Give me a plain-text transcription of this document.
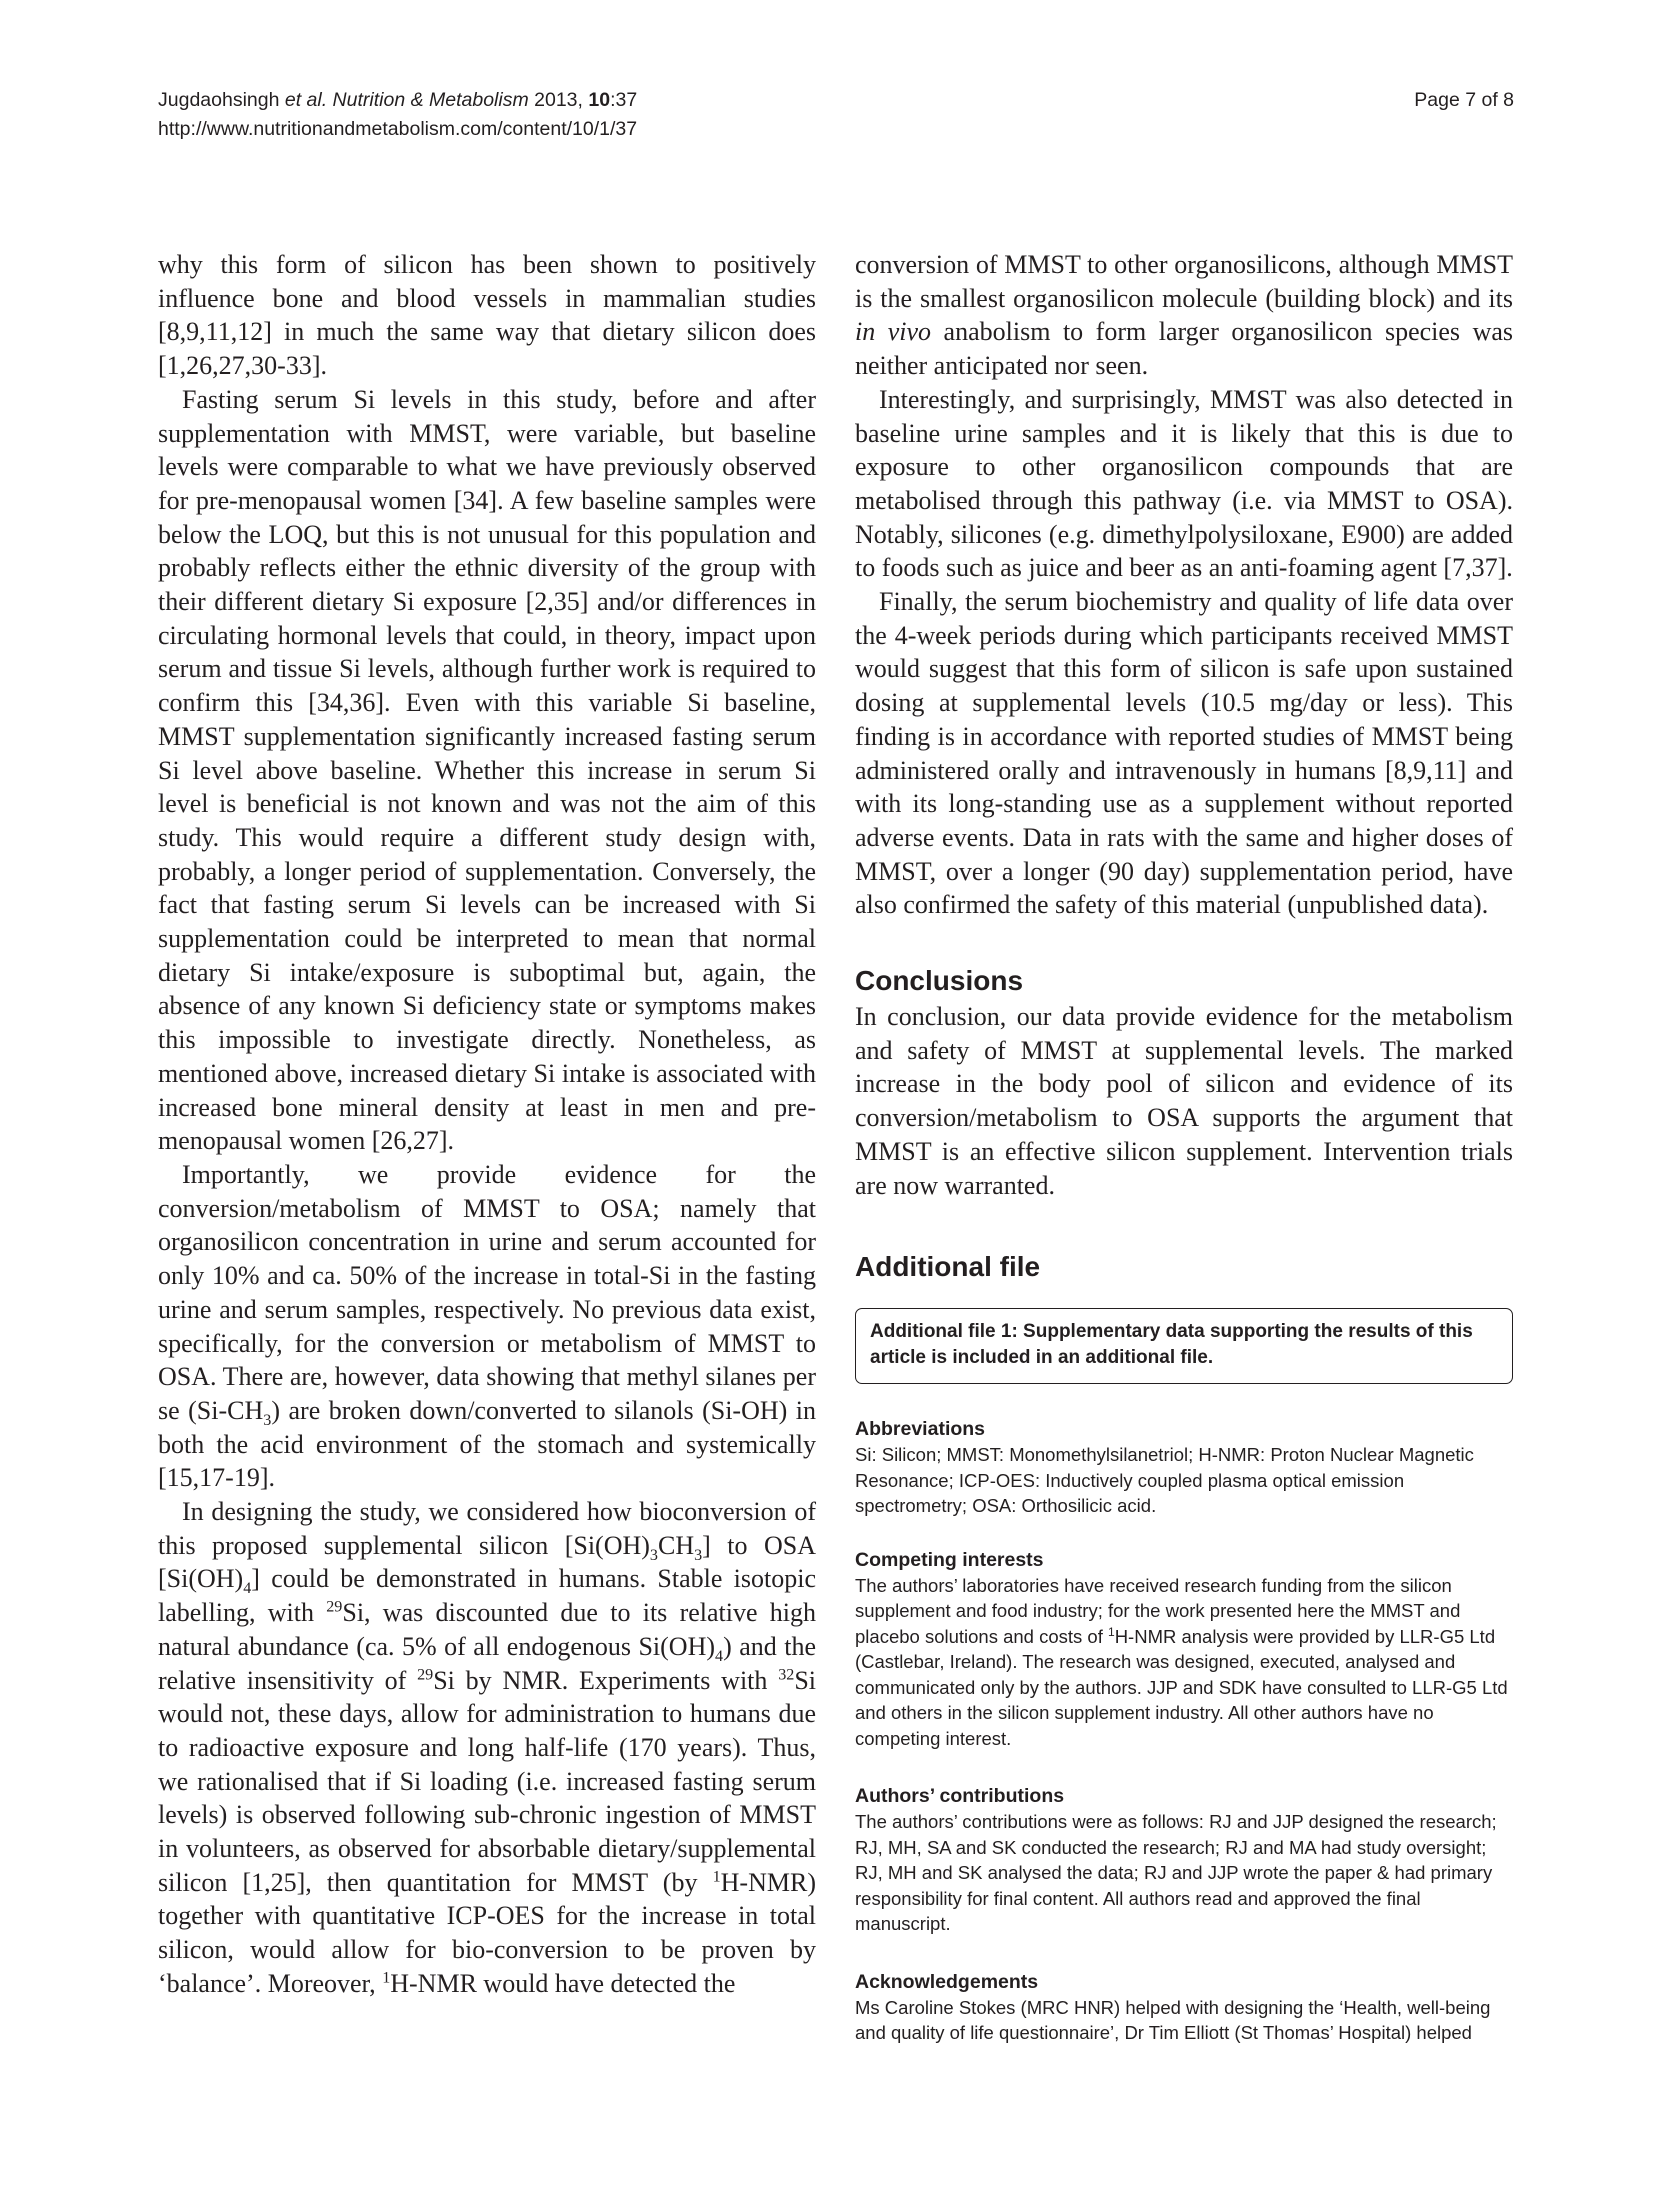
Jugdaohsingh et al. Nutrition & Metabolism 2013, 10:37
http://www.nutritionandmetabolism.com/content/10/1/37
Page 7 of 8

why this form of silicon has been shown to positively influence bone and blood vessels in mammalian studies [8,9,11,12] in much the same way that dietary silicon does [1,26,27,30-33].

Fasting serum Si levels in this study, before and after supplementation with MMST, were variable, but baseline levels were comparable to what we have previously observed for pre-menopausal women [34]. A few baseline samples were below the LOQ, but this is not unusual for this population and probably reflects either the ethnic diversity of the group with their different dietary Si exposure [2,35] and/or differences in circulating hormonal levels that could, in theory, impact upon serum and tissue Si levels, although further work is required to confirm this [34,36]. Even with this variable Si baseline, MMST supplementation significantly increased fasting serum Si level above baseline. Whether this increase in serum Si level is beneficial is not known and was not the aim of this study. This would require a different study design with, probably, a longer period of supplementation. Conversely, the fact that fasting serum Si levels can be increased with Si supplementation could be interpreted to mean that normal dietary Si intake/exposure is suboptimal but, again, the absence of any known Si deficiency state or symptoms makes this impossible to investigate directly. Nonetheless, as mentioned above, increased dietary Si intake is associated with increased bone mineral density at least in men and pre-menopausal women [26,27].

Importantly, we provide evidence for the conversion/metabolism of MMST to OSA; namely that organosilicon concentration in urine and serum accounted for only 10% and ca. 50% of the increase in total-Si in the fasting urine and serum samples, respectively. No previous data exist, specifically, for the conversion or metabolism of MMST to OSA. There are, however, data showing that methyl silanes per se $(Si-CH_3)$ are broken down/converted to silanols (Si-OH) in both the acid environment of the stomach and systemically [15,17-19].

In designing the study, we considered how bioconversion of this proposed supplemental silicon $[Si(OH)_3CH_3]$ to OSA $[Si(OH)_4]$ could be demonstrated in humans. Stable isotopic labelling, with $^{29}$Si, was discounted due to its relative high natural abundance (ca. 5% of all endogenous $Si(OH)_4$) and the relative insensitivity of $^{29}$Si by NMR. Experiments with $^{32}$Si would not, these days, allow for administration to humans due to radioactive exposure and long half-life (170 years). Thus, we rationalised that if Si loading (i.e. increased fasting serum levels) is observed following sub-chronic ingestion of MMST in volunteers, as observed for absorbable dietary/supplemental silicon [1,25], then quantitation for MMST (by $^1$H-NMR) together with quantitative ICP-OES for the increase in total silicon, would allow for bio-conversion to be proven by ‘balance’. Moreover, $^1$H-NMR would have detected the

conversion of MMST to other organosilicons, although MMST is the smallest organosilicon molecule (building block) and its in vivo anabolism to form larger organosilicon species was neither anticipated nor seen.

Interestingly, and surprisingly, MMST was also detected in baseline urine samples and it is likely that this is due to exposure to other organosilicon compounds that are metabolised through this pathway (i.e. via MMST to OSA). Notably, silicones (e.g. dimethylpolysiloxane, E900) are added to foods such as juice and beer as an anti-foaming agent [7,37].

Finally, the serum biochemistry and quality of life data over the 4-week periods during which participants received MMST would suggest that this form of silicon is safe upon sustained dosing at supplemental levels (10.5 mg/day or less). This finding is in accordance with reported studies of MMST being administered orally and intravenously in humans [8,9,11] and with its long-standing use as a supplement without reported adverse events. Data in rats with the same and higher doses of MMST, over a longer (90 day) supplementation period, have also confirmed the safety of this material (unpublished data).

Conclusions

In conclusion, our data provide evidence for the metabolism and safety of MMST at supplemental levels. The marked increase in the body pool of silicon and evidence of its conversion/metabolism to OSA supports the argument that MMST is an effective silicon supplement. Intervention trials are now warranted.

Additional file
Additional file 1: Supplementary data supporting the results of this article is included in an additional file.
Abbreviations
Si: Silicon; MMST: Monomethylsilanetriol; H-NMR: Proton Nuclear Magnetic Resonance; ICP-OES: Inductively coupled plasma optical emission spectrometry; OSA: Orthosilicic acid.
Competing interests
The authors’ laboratories have received research funding from the silicon supplement and food industry; for the work presented here the MMST and placebo solutions and costs of $^1$H-NMR analysis were provided by LLR-G5 Ltd (Castlebar, Ireland). The research was designed, executed, analysed and communicated only by the authors. JJP and SDK have consulted to LLR-G5 Ltd and others in the silicon supplement industry. All other authors have no competing interest.
Authors’ contributions
The authors’ contributions were as follows: RJ and JJP designed the research; RJ, MH, SA and SK conducted the research; RJ and MA had study oversight; RJ, MH and SK analysed the data; RJ and JJP wrote the paper & had primary responsibility for final content. All authors read and approved the final manuscript.
Acknowledgements
Ms Caroline Stokes (MRC HNR) helped with designing the ‘Health, well-being and quality of life questionnaire’, Dr Tim Elliott (St Thomas’ Hospital) helped
